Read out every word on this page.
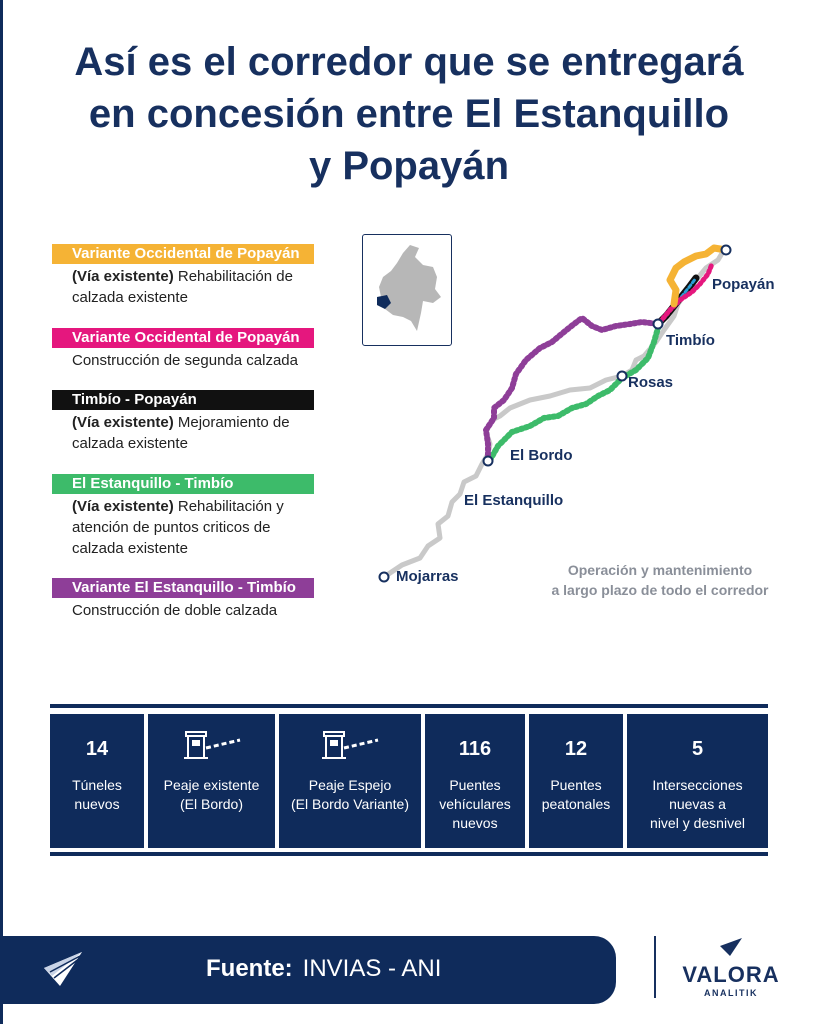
Así es el corredor que se entregará
en concesión entre El Estanquillo
y Popayán
Variante Occidental de Popayán
(Vía existente) Rehabilitación de
calzada existente
Variante Occidental de Popayán
Construcción de segunda calzada
Timbío - Popayán
(Vía existente) Mejoramiento de
calzada existente
El Estanquillo - Timbío
(Vía existente) Rehabilitación y
atención de puntos criticos de
calzada existente
Variante El Estanquillo - Timbío
Construcción de doble calzada
Popayán
Timbío
Rosas
El Bordo
El Estanquillo
Mojarras	Operación y mantenimiento
a largo plazo de todo el corredor
14
Túneles
nuevos
Peaje existente
(El Bordo)
Peaje Espejo
(El Bordo Variante)
116
Puentes
vehículares
nuevos
12
Puentes
peatonales
5
Intersecciones
nuevas a
nivel y desnivel
Fuente: INVIAS - ANI	VALORA
ANALITIK
